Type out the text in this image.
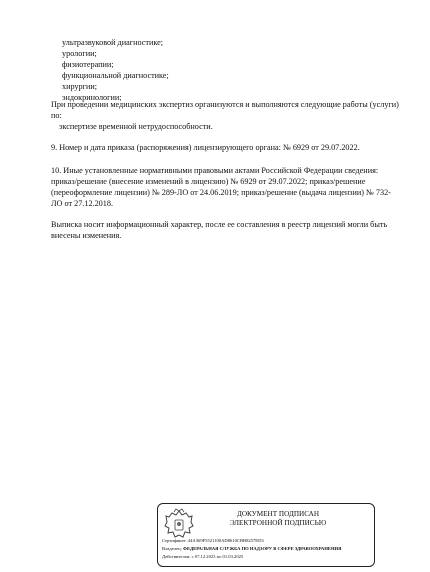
ультразвуковой диагностике;
урологии;
физиотерапии;
функциональной диагностике;
хирургии;
эндокринологии;
При проведении медицинских экспертиз организуются и выполняются следующие работы (услуги) по:
экспертизе временной нетрудоспособности.
9. Номер и дата приказа (распоряжения) лицензирующего органа: № 6929 от 29.07.2022.
10. Иные установленные нормативными правовыми актами Российской Федерации сведения: приказ/решение (внесение изменений в лицензию) № 6929 от 29.07.2022; приказ/решение (переоформление лицензии) № 289-ЛО от 24.06.2019; приказ/решение (выдача лицензии) № 732-ЛО от 27.12.2018.
Выписка носит информационный характер, после ее составления в реестр лицензий могли быть внесены изменения.
ДОКУМЕНТ ПОДПИСАН
ЭЛЕКТРОННОЙ ПОДПИСЬЮ
Сертификат: 44A369F5521100AD8610CBB8257ED3
Владелец: ФЕДЕРАЛЬНАЯ СЛУЖБА ПО НАДЗОРУ В СФЕРЕ ЗДРАВООХРАНЕНИЯ
Действителен: с 07.12.2023 по 01.03.2025
